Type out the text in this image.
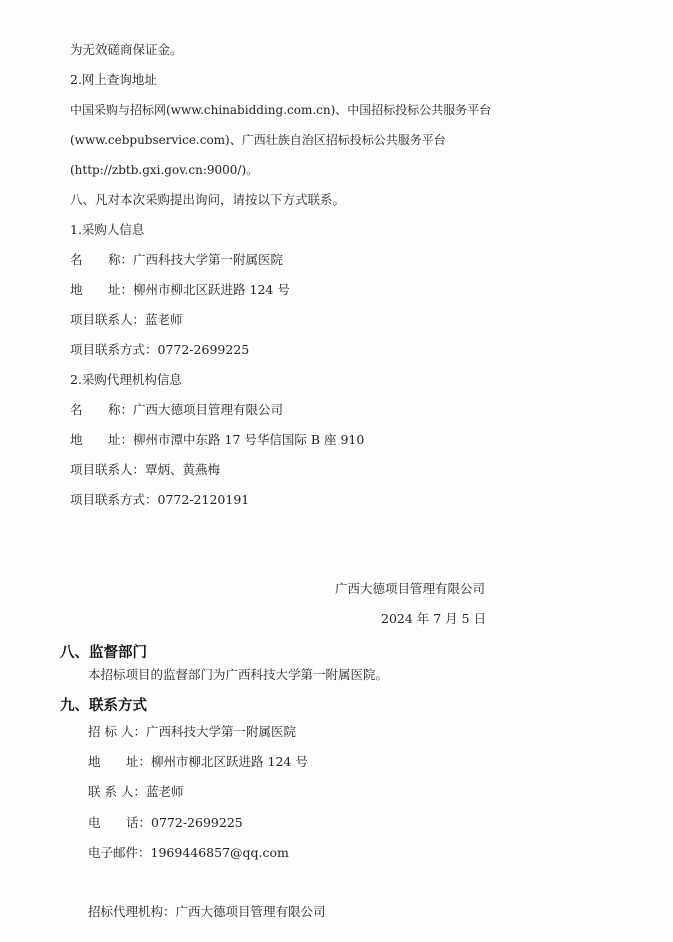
为无效磋商保证金。
2.网上查询地址
中国采购与招标网(www.chinabidding.com.cn)、中国招标投标公共服务平台
(www.cebpubservice.com)、广西壮族自治区招标投标公共服务平台
(http://zbtb.gxi.gov.cn:9000/)。
八、凡对本次采购提出询问，请按以下方式联系。
1.采购人信息
名	称： 广西科技大学第一附属医院
地	址： 柳州市柳北区跃进路 124 号
项目联系人： 蓝老师
项目联系方式： 0772-2699225
2.采购代理机构信息
名	称： 广西大德项目管理有限公司
地	址： 柳州市潭中东路 17 号华信国际 B 座 910
项目联系人： 覃炳、黄燕梅
项目联系方式： 0772-2120191
广西大德项目管理有限公司
2024 年 7 月 5 日
八、监督部门
本招标项目的监督部门为广西科技大学第一附属医院。
九、联系方式
招 标 人： 广西科技大学第一附属医院
地	址： 柳州市柳北区跃进路 124 号
联 系 人： 蓝老师
电	话： 0772-2699225
电子邮件： 1969446857@qq.com
招标代理机构： 广西大德项目管理有限公司
